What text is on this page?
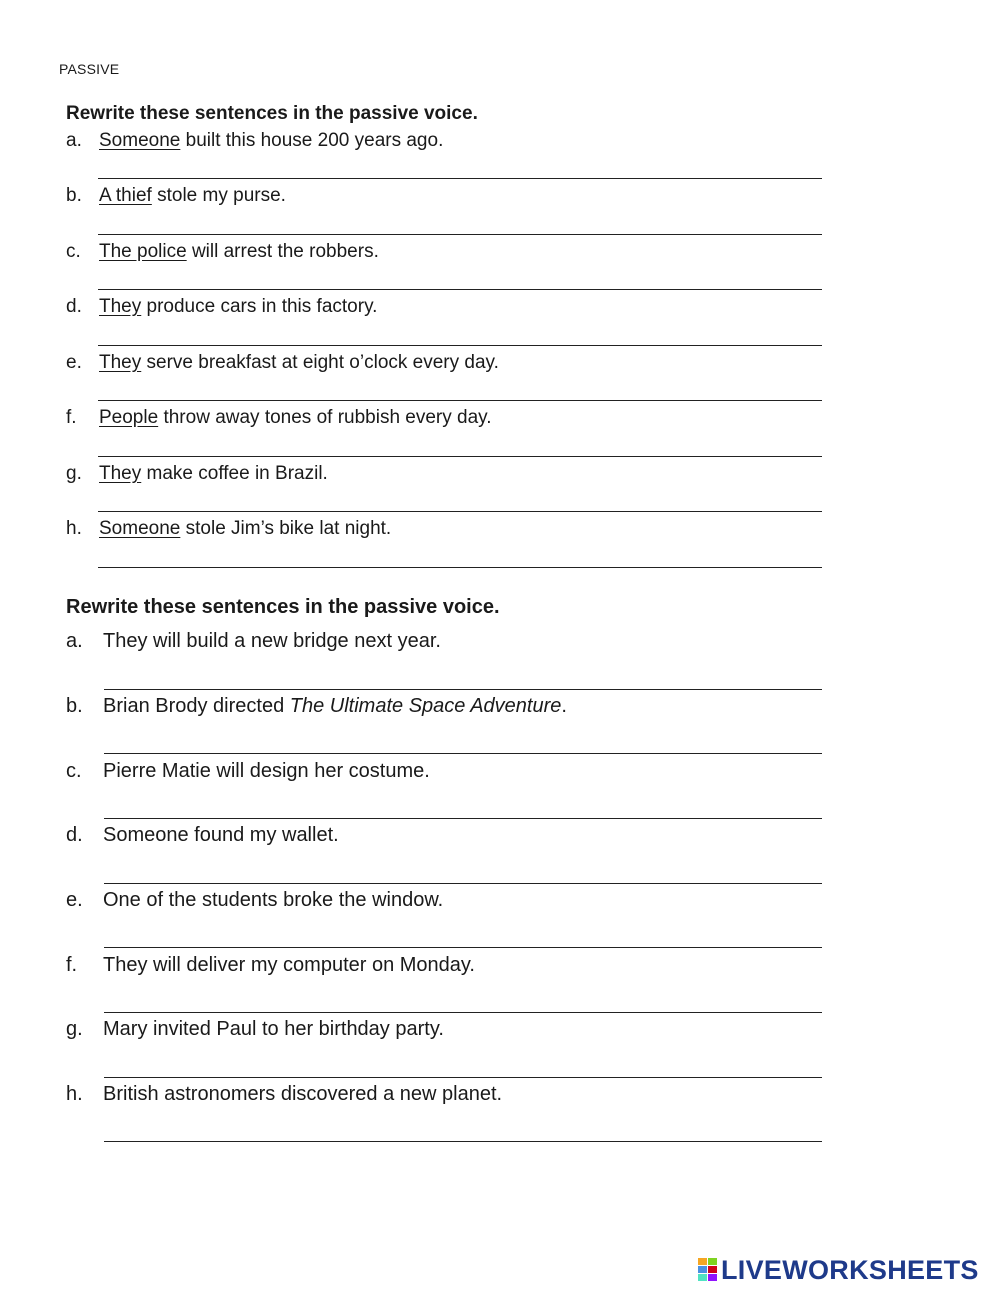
PASSIVE
Rewrite these sentences in the passive voice.
a. Someone built this house 200 years ago.
b. A thief stole my purse.
c. The police will arrest the robbers.
d. They produce cars in this factory.
e. They serve breakfast at eight o’clock every day.
f. People throw away tones of rubbish every day.
g. They make coffee in Brazil.
h. Someone stole Jim’s bike lat night.
Rewrite these sentences in the passive voice.
a. They will build a new bridge next year.
b. Brian Brody directed The Ultimate Space Adventure.
c. Pierre Matie will design her costume.
d. Someone found my wallet.
e. One of the students broke the window.
f. They will deliver my computer on Monday.
g. Mary invited Paul to her birthday party.
h. British astronomers discovered a new planet.
LIVEWORKSHEETS
